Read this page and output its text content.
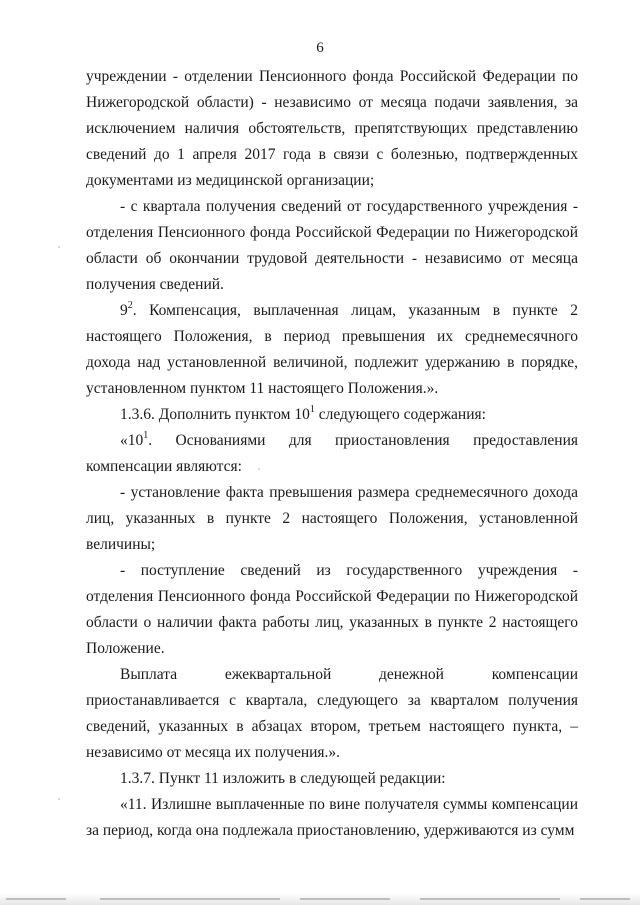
6

учреждении - отделении Пенсионного фонда Российской Федерации по Нижегородской области) - независимо от месяца подачи заявления, за исключением наличия обстоятельств, препятствующих представлению сведений до 1 апреля 2017 года в связи с болезнью, подтвержденных документами из медицинской организации;

- с квартала получения сведений от государственного учреждения - отделения Пенсионного фонда Российской Федерации по Нижегородской области об окончании трудовой деятельности - независимо от месяца получения сведений.

$9^2$. Компенсация, выплаченная лицам, указанным в пункте 2 настоящего Положения, в период превышения их среднемесячного дохода над установленной величиной, подлежит удержанию в порядке, установленном пунктом 11 настоящего Положения.».

1.3.6. Дополнить пунктом $10^1$ следующего содержания:

«$10^1$. Основаниями для приостановления предоставления компенсации являются:

- установление факта превышения размера среднемесячного дохода лиц, указанных в пункте 2 настоящего Положения, установленной величины;

- поступление сведений из государственного учреждения - отделения Пенсионного фонда Российской Федерации по Нижегородской области о наличии факта работы лиц, указанных в пункте 2 настоящего Положение.

Выплата ежеквартальной денежной компенсации приостанавливается с квартала, следующего за кварталом получения сведений, указанных в абзацах втором, третьем настоящего пункта, – независимо от месяца их получения.».

1.3.7. Пункт 11 изложить в следующей редакции:

«11. Излишне выплаченные по вине получателя суммы компенсации за период, когда она подлежала приостановлению, удерживаются из сумм
